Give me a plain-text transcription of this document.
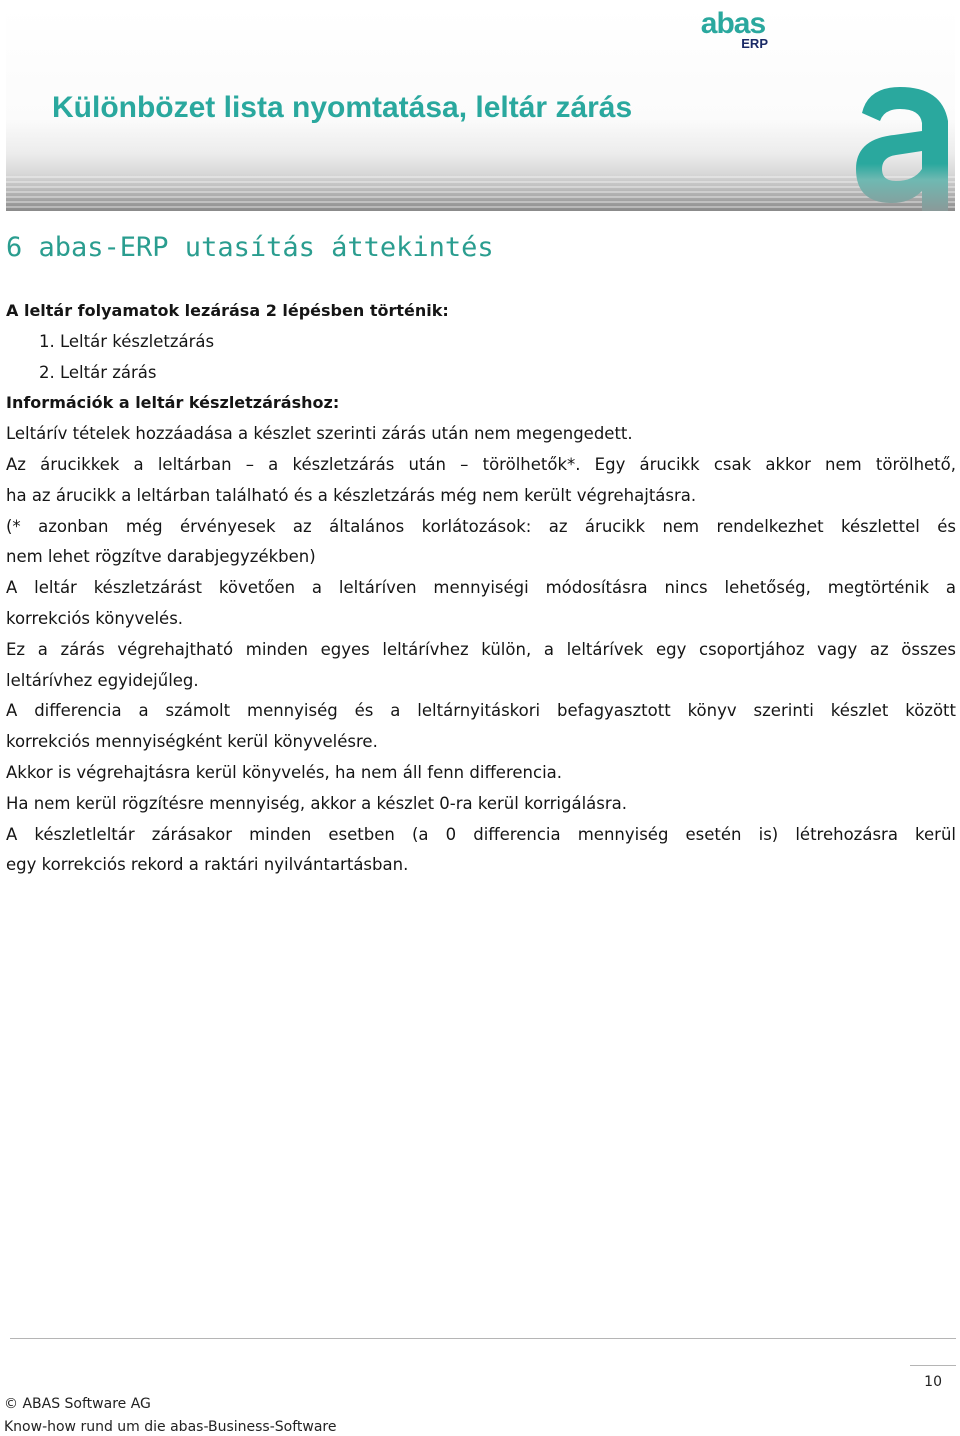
Különbözet lista nyomtatása, leltár zárás
abas
ERP
6 abas-ERP utasítás áttekintés
A leltár folyamatok lezárása 2 lépésben történik:
1. Leltár készletzárás
2. Leltár zárás
Információk a leltár készletzáráshoz:
Leltárív tételek hozzáadása a készlet szerinti zárás után nem megengedett.
Az árucikkek a leltárban – a készletzárás után – törölhetők*. Egy árucikk csak akkor nem törölhető,
ha az árucikk a leltárban található és a készletzárás még nem került végrehajtásra.
(* azonban még érvényesek az általános korlátozások: az árucikk nem rendelkezhet készlettel és
nem lehet rögzítve darabjegyzékben)
A leltár készletzárást követően a leltáríven mennyiségi módosításra nincs lehetőség, megtörténik a
korrekciós könyvelés.
Ez a zárás végrehajtható minden egyes leltárívhez külön, a leltárívek egy csoportjához vagy az összes
leltárívhez egyidejűleg.
A differencia a számolt mennyiség és a leltárnyitáskori befagyasztott könyv szerinti készlet között
korrekciós mennyiségként kerül könyvelésre.
Akkor is végrehajtásra kerül könyvelés, ha nem áll fenn differencia.
Ha nem kerül rögzítésre mennyiség, akkor a készlet 0-ra kerül korrigálásra.
A készletleltár zárásakor minden esetben (a 0 differencia mennyiség esetén is) létrehozásra kerül
egy korrekciós rekord a raktári nyilvántartásban.
10
© ABAS Software AG
Know-how rund um die abas-Business-Software
